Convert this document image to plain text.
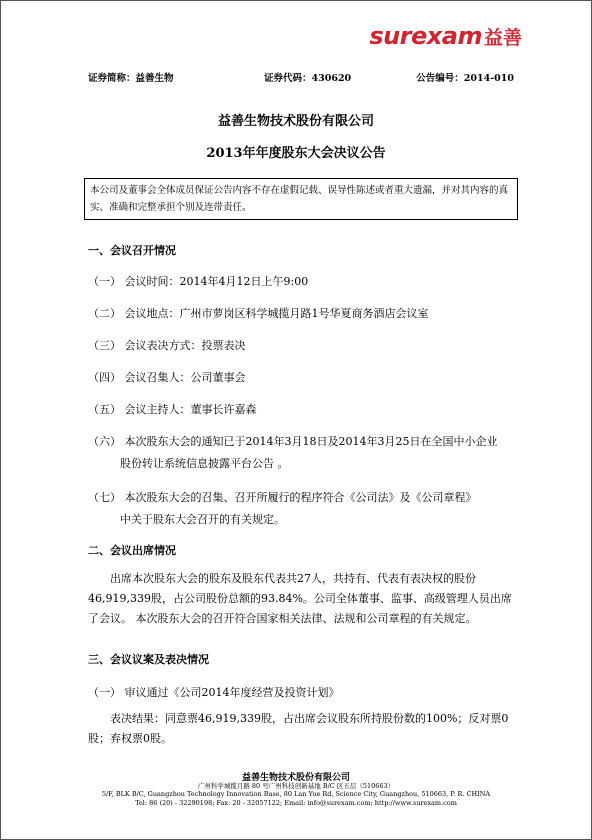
surexam 益善
证券简称：益善生物	证券代码：430620	公告编号：2014-010
益善生物技术股份有限公司
2013年年度股东大会决议公告
本公司及董事会全体成员保证公告内容不存在虚假记载、误导性陈述或者重大遗漏，并对其内容的真实、准确和完整承担个别及连带责任。
一、会议召开情况
（一） 会议时间：2014年4月12日上午9:00
（二） 会议地点：广州市萝岗区科学城揽月路1号华夏商务酒店会议室
（三） 会议表决方式：投票表决
（四） 会议召集人：公司董事会
（五） 会议主持人：董事长许嘉森
（六） 本次股东大会的通知已于2014年3月18日及2014年3月25日在全国中小企业
股份转让系统信息披露平台公告 。
（七） 本次股东大会的召集、召开所履行的程序符合《公司法》及《公司章程》
中关于股东大会召开的有关规定。
二、会议出席情况
出席本次股东大会的股东及股东代表共27人，共持有、代表有表决权的股份46,919,339股，占公司股份总额的93.84%。公司全体董事、监事、高级管理人员出席了会议。 本次股东大会的召开符合国家相关法律、法规和公司章程的有关规定。
三、会议议案及表决情况
（一） 审议通过《公司2014年度经营及投资计划》
表决结果：同意票46,919,339股，占出席会议股东所持股份数的100%；反对票0股；弃权票0股。
益善生物技术股份有限公司
广州科学城揽月路 80 号广州科技创新基地 B/C 区五层（510663）
5/F, BLK B/C, Guangzhou Technology Innovation Base, 80 Lan Yue Rd, Science City, Guangzhou, 510663, P. R. CHINA
Tel: 86 (20) - 32290198; Fax: 20 - 32057122; Email: info@surexam.com; http://www.surexam.com
